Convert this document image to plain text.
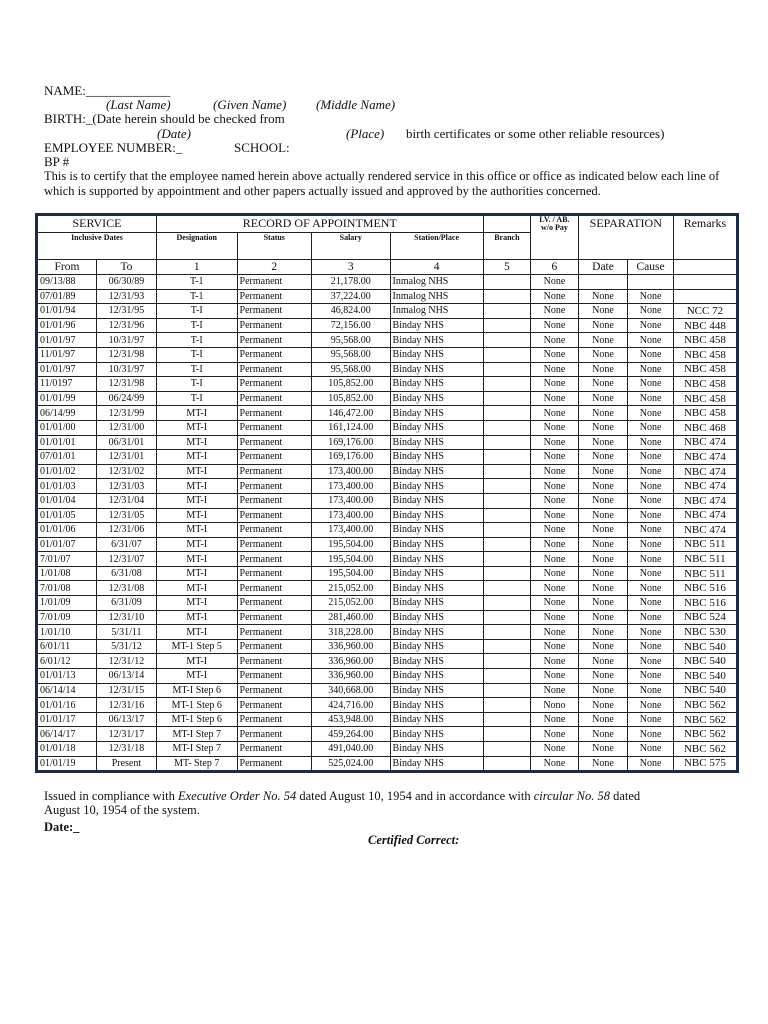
NAME:_____________
(Last Name)	(Given Name) (Middle Name)
BIRTH:_(Date herein should be checked from
(Date)	(Place) birth certificates or some other reliable resources)
EMPLOYEE NUMBER:_	SCHOOL:
BP #
This is to certify that the employee named herein above actually rendered service in this office or office as indicated below each line of which is supported by appointment and other papers actually issued and approved by the authorities concerned.
SERVICE		RECORD OF APPOINTMENT					LV. / AB. w/o Pay	SEPARATION		Remarks
Inclusive Dates		Designation	Status	Salary	Station/Place	Branch				
From	To	1	2	3	4	5	6	Date	Cause	
09/13/88	06/30/89	T-1	Permanent	21,178.00	Inmalog NHS		None			
07/01/89	12/31/93	T-1	Permanent	37,224.00	Inmalog NHS		None	None	None	
01/01/94	12/31/95	T-I	Permanent	46,824.00	Inmalog NHS		None	None	None	NCC 72
01/01/96	12/31/96	T-I	Permanent	72,156.00	Binday NHS		None	None	None	NBC 448
01/01/97	10/31/97	T-I	Permanent	95,568.00	Binday NHS		None	None	None	NBC 458
11/01/97	12/31/98	T-I	Permanent	95,568.00	Binday NHS		None	None	None	NBC 458
01/01/97	10/31/97	T-I	Permanent	95,568.00	Binday NHS		None	None	None	NBC 458
11/0197	12/31/98	T-I	Permanent	105,852.00	Binday NHS		None	None	None	NBC 458
01/01/99	06/24/99	T-I	Permanent	105,852.00	Binday NHS		None	None	None	NBC 458
06/14/99	12/31/99	MT-I	Permanent	146,472.00	Binday NHS		None	None	None	NBC 458
01/01/00	12/31/00	MT-I	Permanent	161,124.00	Binday NHS		None	None	None	NBC 468
01/01/01	06/31/01	MT-I	Permanent	169,176.00	Binday NHS		None	None	None	NBC 474
07/01/01	12/31/01	MT-I	Permanent	169,176.00	Binday NHS		None	None	None	NBC 474
01/01/02	12/31/02	MT-I	Permanent	173,400.00	Binday NHS		None	None	None	NBC 474
01/01/03	12/31/03	MT-I	Permanent	173,400.00	Binday NHS		None	None	None	NBC 474
01/01/04	12/31/04	MT-I	Permanent	173,400.00	Binday NHS		None	None	None	NBC 474
01/01/05	12/31/05	MT-I	Permanent	173,400.00	Binday NHS		None	None	None	NBC 474
01/01/06	12/31/06	MT-I	Permanent	173,400.00	Binday NHS		None	None	None	NBC 474
01/01/07	6/31/07	MT-I	Permanent	195,504.00	Binday NHS		None	None	None	NBC 511
7/01/07	12/31/07	MT-I	Permanent	195,504.00	Binday NHS		None	None	None	NBC 511
1/01/08	6/31/08	MT-I	Permanent	195,504.00	Binday NHS		None	None	None	NBC 511
7/01/08	12/31/08	MT-I	Permanent	215,052.00	Binday NHS		None	None	None	NBC 516
1/01/09	6/31/09	MT-I	Permanent	215,052.00	Binday NHS		None	None	None	NBC 516
7/01/09	12/31/10	MT-I	Permanent	281,460.00	Binday NHS		None	None	None	NBC 524
1/01/10	5/31/11	MT-I	Permanent	318,228.00	Binday NHS		None	None	None	NBC 530
6/01/11	5/31/12	MT-1 Step 5	Permanent	336,960.00	Binday NHS		None	None	None	NBC 540
6/01/12	12/31/12	MT-I	Permanent	336,960.00	Binday NHS		None	None	None	NBC 540
01/01/13	06/13/14	MT-I	Permanent	336,960.00	Binday NHS		None	None	None	NBC 540
06/14/14	12/31/15	MT-I Step 6	Permanent	340,668.00	Binday NHS		None	None	None	NBC 540
01/01/16	12/31/16	MT-1 Step 6	Permanent	424,716.00	Binday NHS		Nono	None	None	NBC 562
01/01/17	06/13/17	MT-1 Step 6	Permanent	453,948.00	Binday NHS		None	None	None	NBC 562
06/14/17	12/31/17	MT-I Step 7	Permanent	459,264.00	Binday NHS		None	None	None	NBC 562
01/01/18	12/31/18	MT-I Step 7	Permanent	491,040.00	Binday NHS		None	None	None	NBC 562
01/01/19	Present	MT- Step 7	Permanent	525,024.00	Binday NHS		None	None	None	NBC 575
Issued in compliance with Executive Order No. 54 dated August 10, 1954 and in accordance with circular No. 58 dated
August 10, 1954 of the system.
Date:_
Certified Correct:
